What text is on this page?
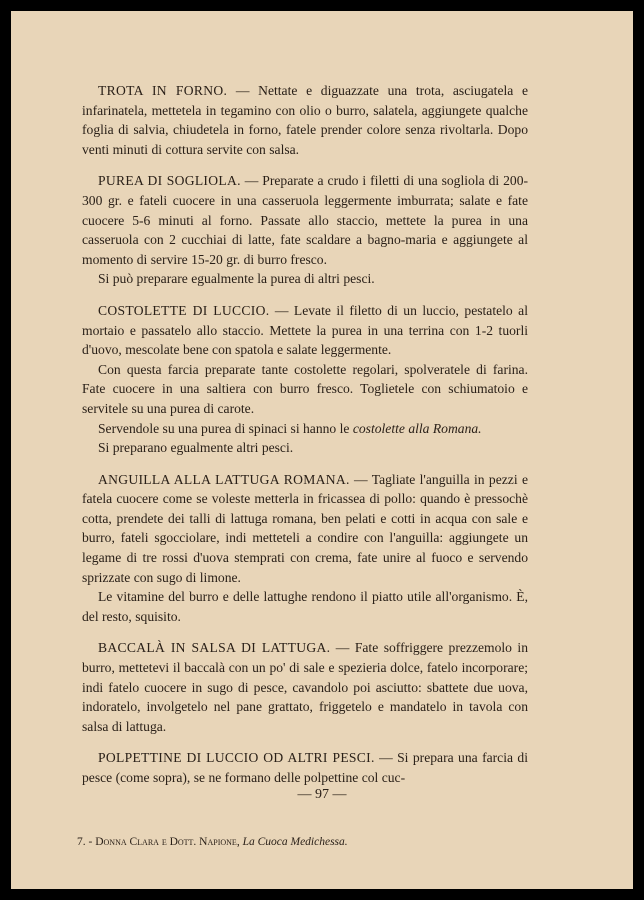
TROTA IN FORNO. — Nettate e diguazzate una trota, asciugatela e infarinatela, mettetela in tegamino con olio o burro, salatela, aggiungete qualche foglia di salvia, chiudetela in forno, fatele prender colore senza rivoltarla. Dopo venti minuti di cottura servite con salsa.

PUREA DI SOGLIOLA. — Preparate a crudo i filetti di una sogliola di 200-300 gr. e fateli cuocere in una casseruola leggermente imburrata; salate e fate cuocere 5-6 minuti al forno. Passate allo staccio, mettete la purea in una casseruola con 2 cucchiai di latte, fate scaldare a bagno-maria e aggiungete al momento di servire 15-20 gr. di burro fresco.

Si può preparare egualmente la purea di altri pesci.

COSTOLETTE DI LUCCIO. — Levate il filetto di un luccio, pestatelo al mortaio e passatelo allo staccio. Mettete la purea in una terrina con 1-2 tuorli d'uovo, mescolate bene con spatola e salate leggermente.

Con questa farcia preparate tante costolette regolari, spolveratele di farina. Fate cuocere in una saltiera con burro fresco. Toglietele con schiumatoio e servitele su una purea di carote.

Servendole su una purea di spinaci si hanno le costolette alla Romana.

Si preparano egualmente altri pesci.

ANGUILLA ALLA LATTUGA ROMANA. — Tagliate l'anguilla in pezzi e fatela cuocere come se voleste metterla in fricassea di pollo: quando è pressochè cotta, prendete dei talli di lattuga romana, ben pelati e cotti in acqua con sale e burro, fateli sgocciolare, indi metteteli a condire con l'anguilla: aggiungete un legame di tre rossi d'uova stemprati con crema, fate unire al fuoco e servendo sprizzate con sugo di limone.

Le vitamine del burro e delle lattughe rendono il piatto utile all'organismo. È, del resto, squisito.

BACCALÀ IN SALSA DI LATTUGA. — Fate soffriggere prezzemolo in burro, mettetevi il baccalà con un po' di sale e spezieria dolce, fatelo incorporare; indi fatelo cuocere in sugo di pesce, cavandolo poi asciutto: sbattete due uova, indoratelo, involgetelo nel pane grattato, friggetelo e mandatelo in tavola con salsa di lattuga.

POLPETTINE DI LUCCIO OD ALTRI PESCI. — Si prepara una farcia di pesce (come sopra), se ne formano delle polpettine col cuc-

— 97 —
7. - Donna Clara e Dott. Napione, La Cuoca Medichessa.
